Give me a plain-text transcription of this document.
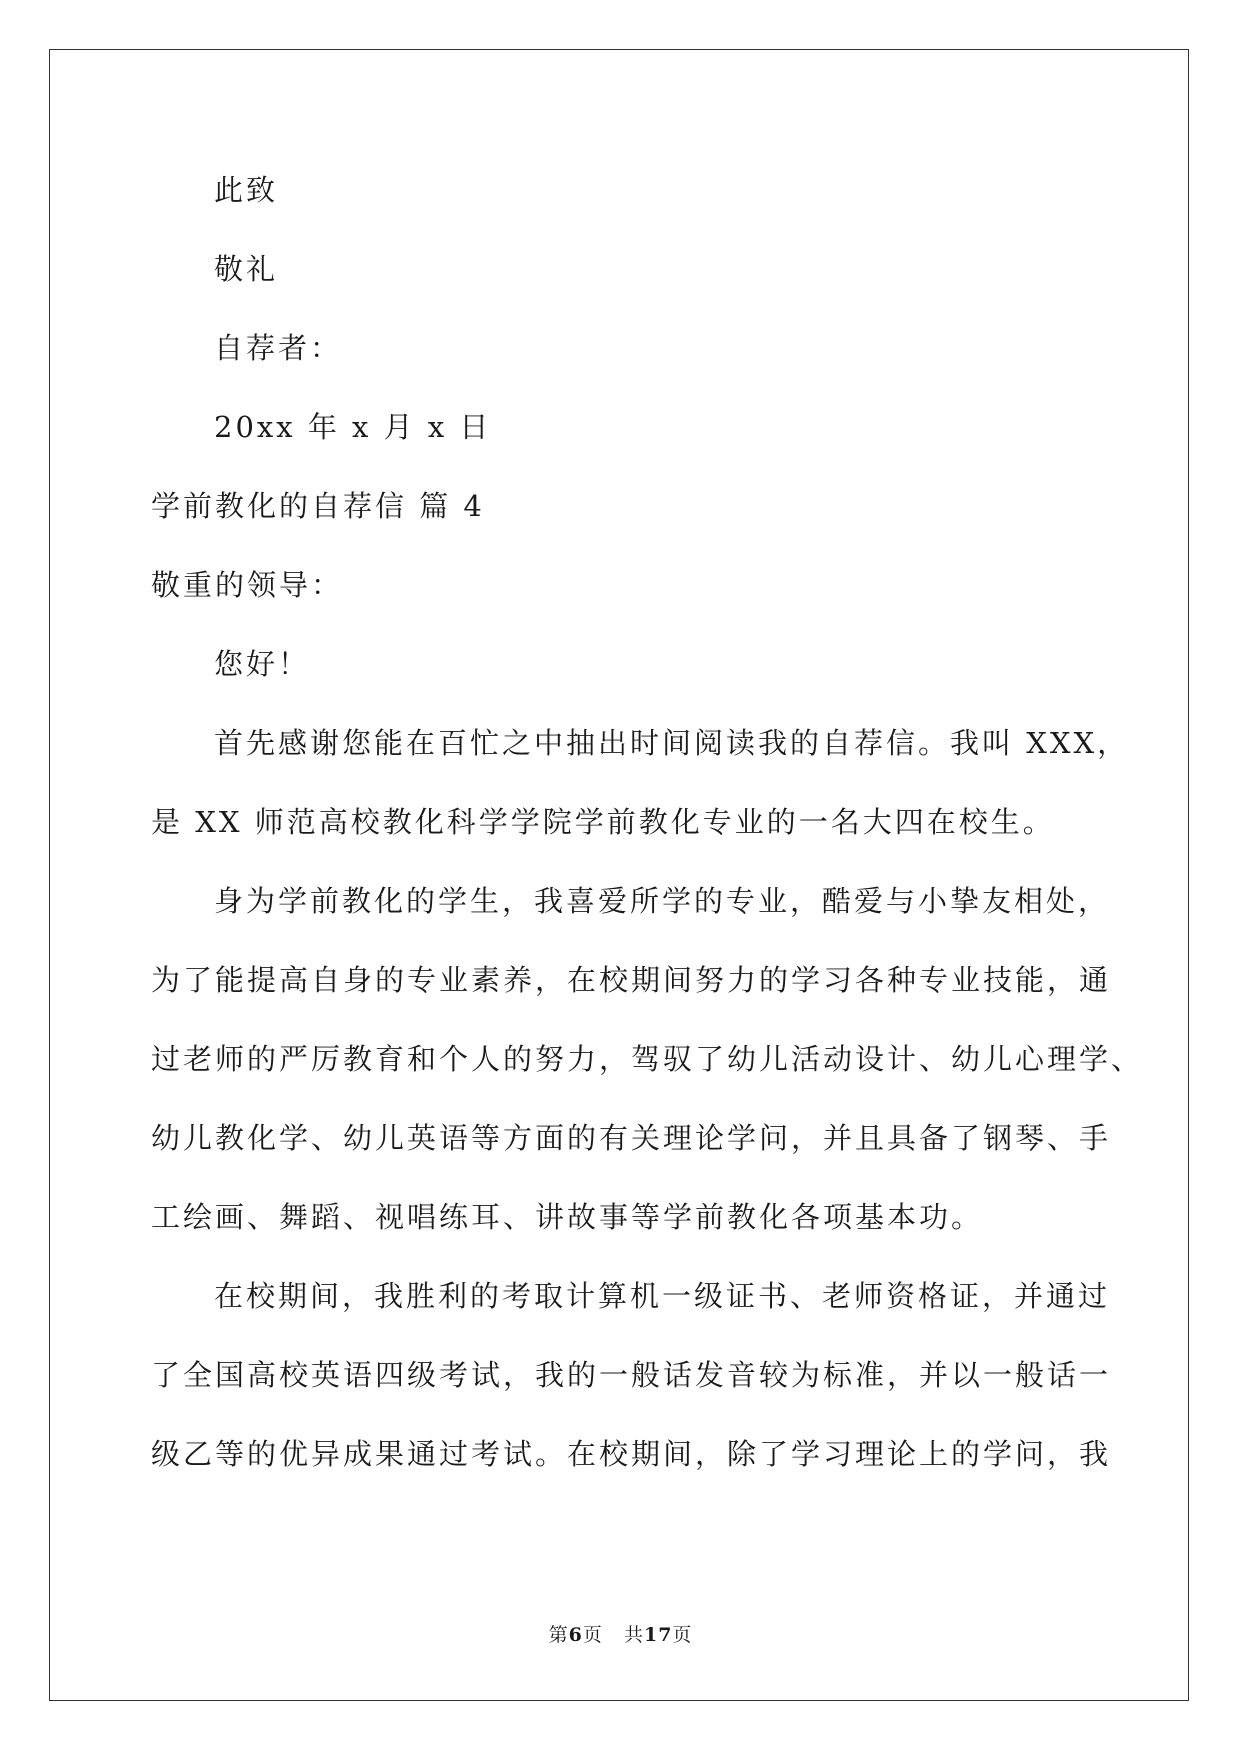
此致
敬礼
自荐者：
20xx 年 x 月 x 日
学前教化的自荐信 篇 4
敬重的领导：
您好！
首先感谢您能在百忙之中抽出时间阅读我的自荐信。我叫 XXX，
是 XX 师范高校教化科学学院学前教化专业的一名大四在校生。
身为学前教化的学生，我喜爱所学的专业，酷爱与小挚友相处，
为了能提高自身的专业素养，在校期间努力的学习各种专业技能，通
过老师的严厉教育和个人的努力，驾驭了幼儿活动设计、幼儿心理学、
幼儿教化学、幼儿英语等方面的有关理论学问，并且具备了钢琴、手
工绘画、舞蹈、视唱练耳、讲故事等学前教化各项基本功。
在校期间，我胜利的考取计算机一级证书、老师资格证，并通过
了全国高校英语四级考试，我的一般话发音较为标准，并以一般话一
级乙等的优异成果通过考试。在校期间，除了学习理论上的学问，我
第6页 共17页
